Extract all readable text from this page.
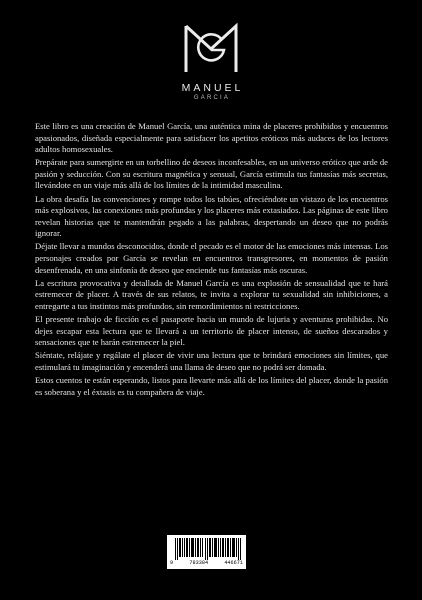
MANUEL
GARCIA

Este libro es una creación de Manuel García, una auténtica mina de placeres prohibidos y encuentros apasionados, diseñada especialmente para satisfacer los apetitos eróticos más audaces de los lectores adultos homosexuales.

Prepárate para sumergirte en un torbellino de deseos inconfesables, en un universo erótico que arde de pasión y seducción. Con su escritura magnética y sensual, García estimula tus fantasías más secretas, llevándote en un viaje más allá de los límites de la intimidad masculina.

La obra desafía las convenciones y rompe todos los tabúes, ofreciéndote un vistazo de los encuentros más explosivos, las conexiones más profundas y los placeres más extasiados. Las páginas de este libro revelan historias que te mantendrán pegado a las palabras, despertando un deseo que no podrás ignorar.

Déjate llevar a mundos desconocidos, donde el pecado es el motor de las emociones más intensas. Los personajes creados por García se revelan en encuentros transgresores, en momentos de pasión desenfrenada, en una sinfonía de deseo que enciende tus fantasías más oscuras.

La escritura provocativa y detallada de Manuel García es una explosión de sensualidad que te hará estremecer de placer. A través de sus relatos, te invita a explorar tu sexualidad sin inhibiciones, a entregarte a tus instintos más profundos, sin remordimientos ni restricciones.

El presente trabajo de ficción es el pasaporte hacia un mundo de lujuria y aventuras prohibidas. No dejes escapar esta lectura que te llevará a un territorio de placer intenso, de sueños descarados y sensaciones que te harán estremecer la piel.

Siéntate, relájate y regálate el placer de vivir una lectura que te brindará emociones sin límites, que estimulará tu imaginación y encenderá una llama de deseo que no podrá ser domada.

Estos cuentos te están esperando, listos para llevarte más allá de los límites del placer, donde la pasión es soberana y el éxtasis es tu compañera de viaje.

9	783384	446671
